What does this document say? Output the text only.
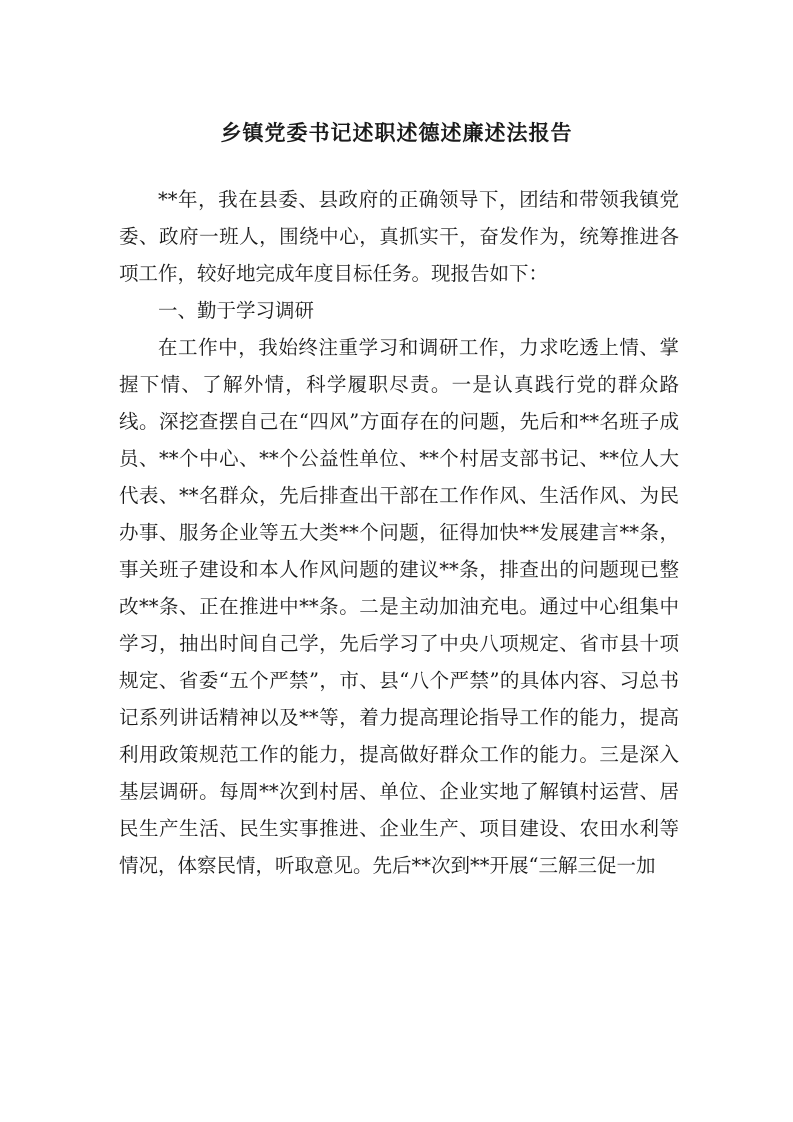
乡镇党委书记述职述德述廉述法报告

**年，我在县委、县政府的正确领导下，团结和带领我镇党委、政府一班人，围绕中心，真抓实干，奋发作为，统筹推进各项工作，较好地完成年度目标任务。现报告如下：

一、勤于学习调研

在工作中，我始终注重学习和调研工作，力求吃透上情、掌握下情、了解外情，科学履职尽责。一是认真践行党的群众路线。深挖查摆自己在“四风”方面存在的问题，先后和**名班子成员、**个中心、**个公益性单位、**个村居支部书记、**位人大代表、**名群众，先后排查出干部在工作作风、生活作风、为民办事、服务企业等五大类**个问题，征得加快**发展建言**条，事关班子建设和本人作风问题的建议**条，排查出的问题现已整改**条、正在推进中**条。二是主动加油充电。通过中心组集中学习，抽出时间自己学，先后学习了中央八项规定、省市县十项规定、省委“五个严禁”，市、县“八个严禁”的具体内容、习总书记系列讲话精神以及**等，着力提高理论指导工作的能力，提高利用政策规范工作的能力，提高做好群众工作的能力。三是深入基层调研。每周**次到村居、单位、企业实地了解镇村运营、居民生产生活、民生实事推进、企业生产、项目建设、农田水利等情况，体察民情，听取意见。先后**次到**开展“三解三促一加
